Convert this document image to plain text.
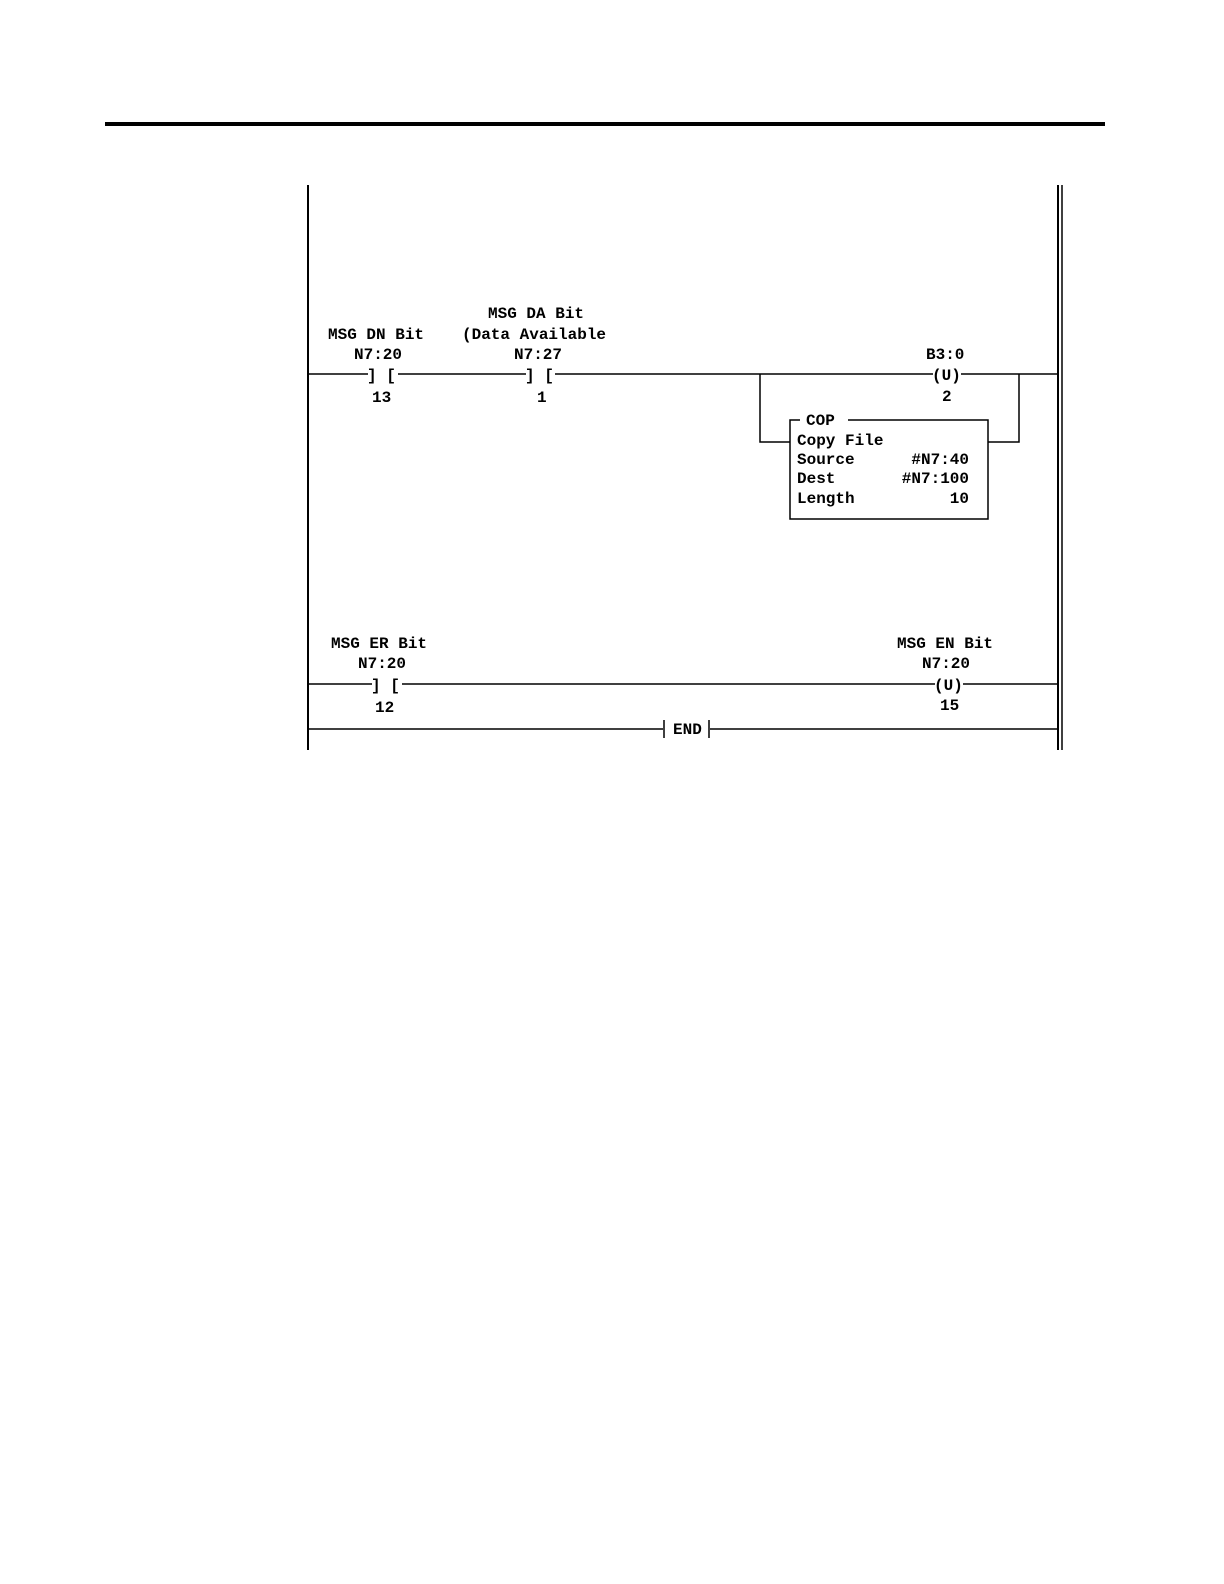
MSG DN Bit
N7:20
] [
13
MSG DA Bit
(Data Available
N7:27
] [
1
B3:0
(U)
2
COP
Copy File
Source	#N7:40
Dest	#N7:100
Length	10
MSG ER Bit
N7:20
] [
12
MSG EN Bit
N7:20
(U)
15
END
